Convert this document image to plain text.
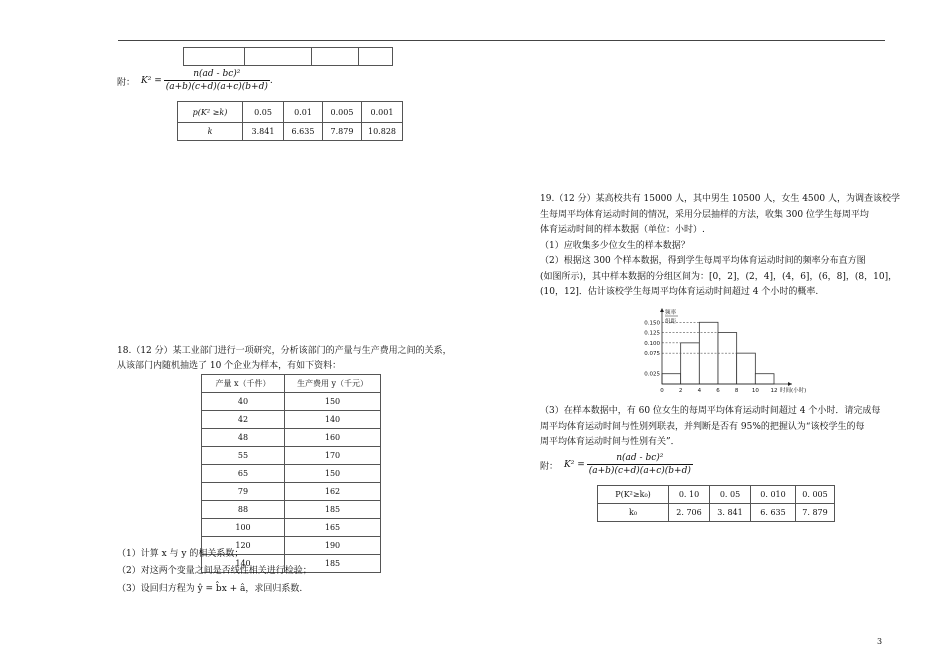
附： $K^2 = \frac{\text{n(ad - bc)²}}{(a+b)(c+d)(a+c)(b+d)}$ .
p(K² ≥k)	0.05	0.01	0.005	0.001
k	3.841	6.635	7.879	10.828
18.（12 分）某工业部门进行一项研究，分析该部门的产量与生产费用之间的关系，
从该部门内随机抽选了 10 个企业为样本，有如下资料：
产量 x（千件）	生产费用 y（千元）
40	150
42	140
48	160
55	170
65	150
79	162
88	185
100	165
120	190
140	185
（1）计算 x 与 y 的相关系数；
（2）对这两个变量之间是否线性相关进行检验；
（3）设回归方程为 ŷ = b̂x + â，求回归系数.
19.（12 分）某高校共有 15000 人，其中男生 10500 人，女生 4500 人，为调查该校学
生每周平均体育运动时间的情况，采用分层抽样的方法，收集 300 位学生每周平均
体育运动时间的样本数据（单位：小时）.
（1）应收集多少位女生的样本数据？
（2）根据这 300 个样本数据，得到学生每周平均体育运动时间的频率分布直方图
(如图所示)，其中样本数据的分组区间为：[0，2]，(2，4]，(4，6]，(6，8]，(8，10]，
(10，12]．估计该校学生每周平均体育运动时间超过 4 个小时的概率.
0.150
0.125
0.100
0.075
0.025
0	2	4	6	8 10 12
频率
组距
时间(小时)
（3）在样本数据中，有 60 位女生的每周平均体育运动时间超过 4 个小时．请完成每
周平均体育运动时间与性别列联表，并判断是否有 95%的把握认为“该校学生的每
周平均体育运动时间与性别有关”．
附： $K^2 = \frac{\text{n(ad - bc)²}}{(a+b)(c+d)(a+c)(b+d)}$
P(K²≥k₀)	0. 10	0. 05	0. 010	0. 005
k₀	2. 706	3. 841	6. 635	7. 879
3
